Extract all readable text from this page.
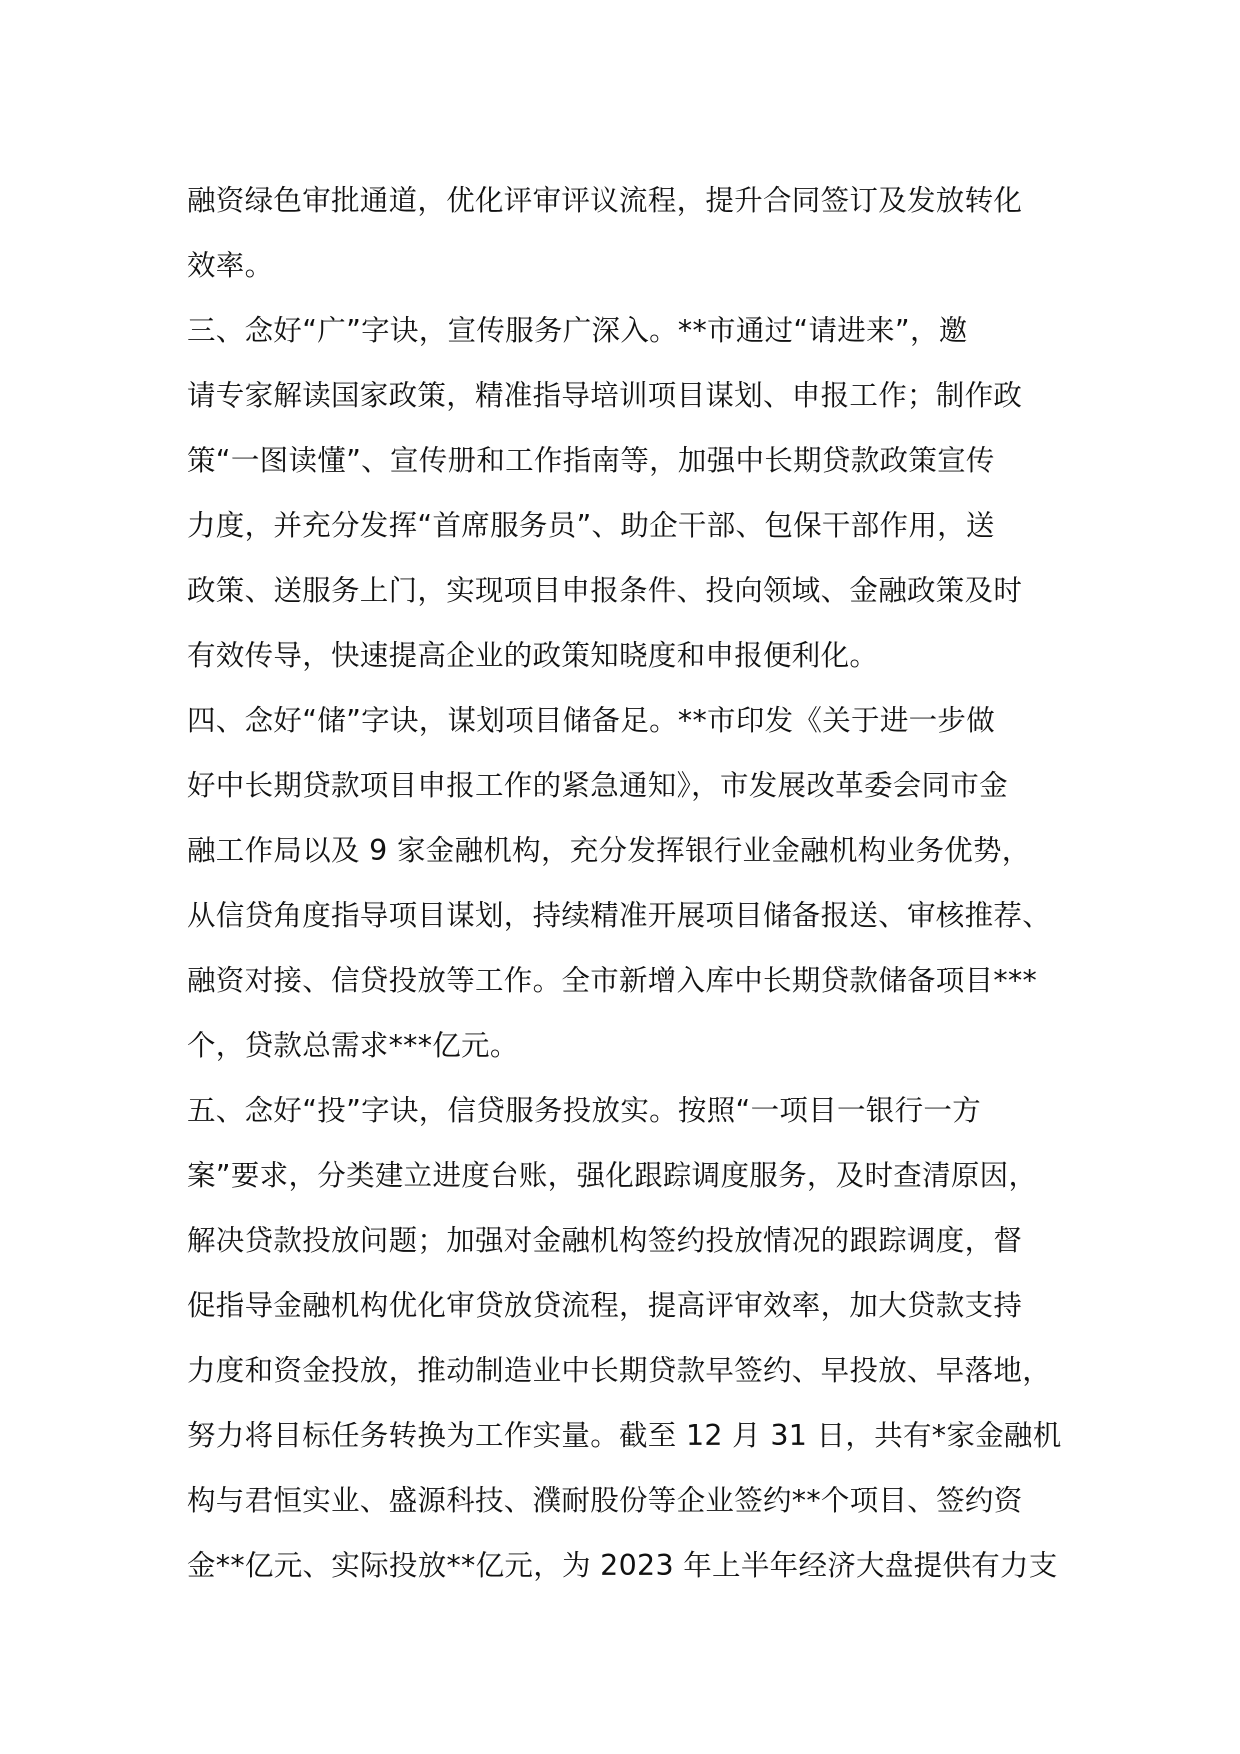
融资绿色审批通道，优化评审评议流程，提升合同签订及发放转化
效率。
三、念好“广”字诀，宣传服务广深入。**市通过“请进来”，邀
请专家解读国家政策，精准指导培训项目谋划、申报工作；制作政
策“一图读懂”、宣传册和工作指南等，加强中长期贷款政策宣传
力度，并充分发挥“首席服务员”、助企干部、包保干部作用，送
政策、送服务上门，实现项目申报条件、投向领域、金融政策及时
有效传导，快速提高企业的政策知晓度和申报便利化。
四、念好“储”字诀，谋划项目储备足。**市印发《关于进一步做
好中长期贷款项目申报工作的紧急通知》，市发展改革委会同市金
融工作局以及 9 家金融机构，充分发挥银行业金融机构业务优势，
从信贷角度指导项目谋划，持续精准开展项目储备报送、审核推荐、
融资对接、信贷投放等工作。全市新增入库中长期贷款储备项目***
个，贷款总需求***亿元。
五、念好“投”字诀，信贷服务投放实。按照“一项目一银行一方
案”要求，分类建立进度台账，强化跟踪调度服务，及时查清原因，
解决贷款投放问题；加强对金融机构签约投放情况的跟踪调度，督
促指导金融机构优化审贷放贷流程，提高评审效率，加大贷款支持
力度和资金投放，推动制造业中长期贷款早签约、早投放、早落地，
努力将目标任务转换为工作实量。截至 12 月 31 日，共有*家金融机
构与君恒实业、盛源科技、濮耐股份等企业签约**个项目、签约资
金**亿元、实际投放**亿元，为 2023 年上半年经济大盘提供有力支
